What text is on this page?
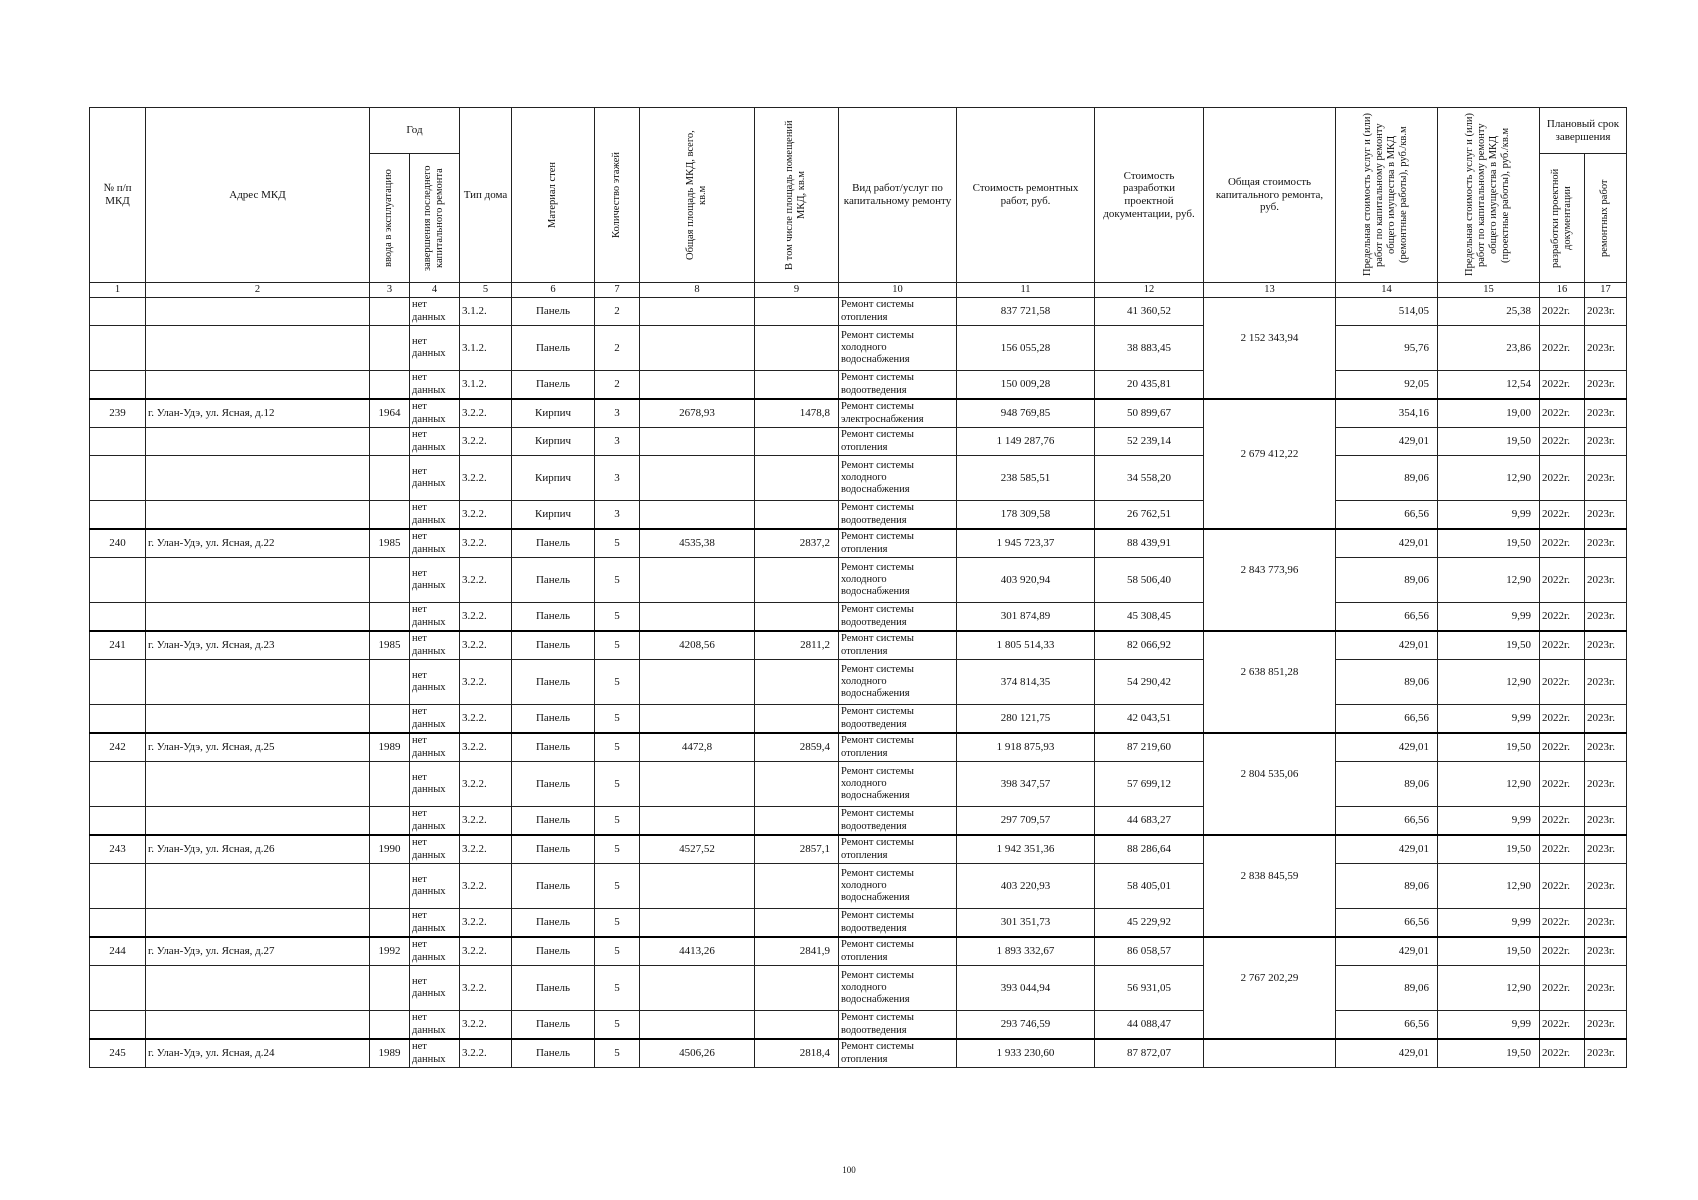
№ п/п МКД	Адрес МКД	Год		Тип дома	Материал стен	Количество этажей	Общая площадь МКД, всего, кв.м	В том числе площадь помещений МКД, кв.м	Вид работ/услуг по капитальному ремонту	Стоимость ремонтных работ, руб.	Стоимость разработки проектной документации, руб.	Общая стоимость капитального ремонта, руб.	Предельная стоимость услуг и (или) работ по капитальному ремонту общего имущества в МКД (ремонтные работы), руб./кв.м	Предельная стоимость услуг и (или) работ по капитальному ремонту общего имущества в МКД (проектные работы), руб./кв.м	Плановый срок завершения	

		ввода в эксплуатацию	завершения последнего капитального ремонта												разработки проектной документации	ремонтных работ

1	2	3	4	5	6	7	8	9	10	11	12	13	14	15	16	17
			нет данных	3.1.2.	Панель	2			Ремонт системы отопления	837 721,58	41 360,52	2 152 343,94	514,05	25,38	2022г.	2023г.
			нет данных	3.1.2.	Панель	2			Ремонт системы холодного водоснабжения	156 055,28	38 883,45		95,76	23,86	2022г.	2023г.
			нет данных	3.1.2.	Панель	2			Ремонт системы водоотведения	150 009,28	20 435,81		92,05	12,54	2022г.	2023г.
239	г. Улан-Удэ, ул. Ясная, д.12	1964	нет данных	3.2.2.	Кирпич	3	2678,93	1478,8	Ремонт системы электроснабжения	948 769,85	50 899,67	2 679 412,22	354,16	19,00	2022г.	2023г.
			нет данных	3.2.2.	Кирпич	3			Ремонт системы отопления	1 149 287,76	52 239,14		429,01	19,50	2022г.	2023г.
			нет данных	3.2.2.	Кирпич	3			Ремонт системы холодного водоснабжения	238 585,51	34 558,20		89,06	12,90	2022г.	2023г.
			нет данных	3.2.2.	Кирпич	3			Ремонт системы водоотведения	178 309,58	26 762,51		66,56	9,99	2022г.	2023г.
240	г. Улан-Удэ, ул. Ясная, д.22	1985	нет данных	3.2.2.	Панель	5	4535,38	2837,2	Ремонт системы отопления	1 945 723,37	88 439,91	2 843 773,96	429,01	19,50	2022г.	2023г.
			нет данных	3.2.2.	Панель	5			Ремонт системы холодного водоснабжения	403 920,94	58 506,40		89,06	12,90	2022г.	2023г.
			нет данных	3.2.2.	Панель	5			Ремонт системы водоотведения	301 874,89	45 308,45		66,56	9,99	2022г.	2023г.
241	г. Улан-Удэ, ул. Ясная, д.23	1985	нет данных	3.2.2.	Панель	5	4208,56	2811,2	Ремонт системы отопления	1 805 514,33	82 066,92	2 638 851,28	429,01	19,50	2022г.	2023г.
			нет данных	3.2.2.	Панель	5			Ремонт системы холодного водоснабжения	374 814,35	54 290,42		89,06	12,90	2022г.	2023г.
			нет данных	3.2.2.	Панель	5			Ремонт системы водоотведения	280 121,75	42 043,51		66,56	9,99	2022г.	2023г.
242	г. Улан-Удэ, ул. Ясная, д.25	1989	нет данных	3.2.2.	Панель	5	4472,8	2859,4	Ремонт системы отопления	1 918 875,93	87 219,60	2 804 535,06	429,01	19,50	2022г.	2023г.
			нет данных	3.2.2.	Панель	5			Ремонт системы холодного водоснабжения	398 347,57	57 699,12		89,06	12,90	2022г.	2023г.
			нет данных	3.2.2.	Панель	5			Ремонт системы водоотведения	297 709,57	44 683,27		66,56	9,99	2022г.	2023г.
243	г. Улан-Удэ, ул. Ясная, д.26	1990	нет данных	3.2.2.	Панель	5	4527,52	2857,1	Ремонт системы отопления	1 942 351,36	88 286,64	2 838 845,59	429,01	19,50	2022г.	2023г.
			нет данных	3.2.2.	Панель	5			Ремонт системы холодного водоснабжения	403 220,93	58 405,01		89,06	12,90	2022г.	2023г.
			нет данных	3.2.2.	Панель	5			Ремонт системы водоотведения	301 351,73	45 229,92		66,56	9,99	2022г.	2023г.
244	г. Улан-Удэ, ул. Ясная, д.27	1992	нет данных	3.2.2.	Панель	5	4413,26	2841,9	Ремонт системы отопления	1 893 332,67	86 058,57	2 767 202,29	429,01	19,50	2022г.	2023г.
			нет данных	3.2.2.	Панель	5			Ремонт системы холодного водоснабжения	393 044,94	56 931,05		89,06	12,90	2022г.	2023г.
			нет данных	3.2.2.	Панель	5			Ремонт системы водоотведения	293 746,59	44 088,47		66,56	9,99	2022г.	2023г.
245	г. Улан-Удэ, ул. Ясная, д.24	1989	нет данных	3.2.2.	Панель	5	4506,26	2818,4	Ремонт системы отопления	1 933 230,60	87 872,07		429,01	19,50	2022г.	2023г.
100
